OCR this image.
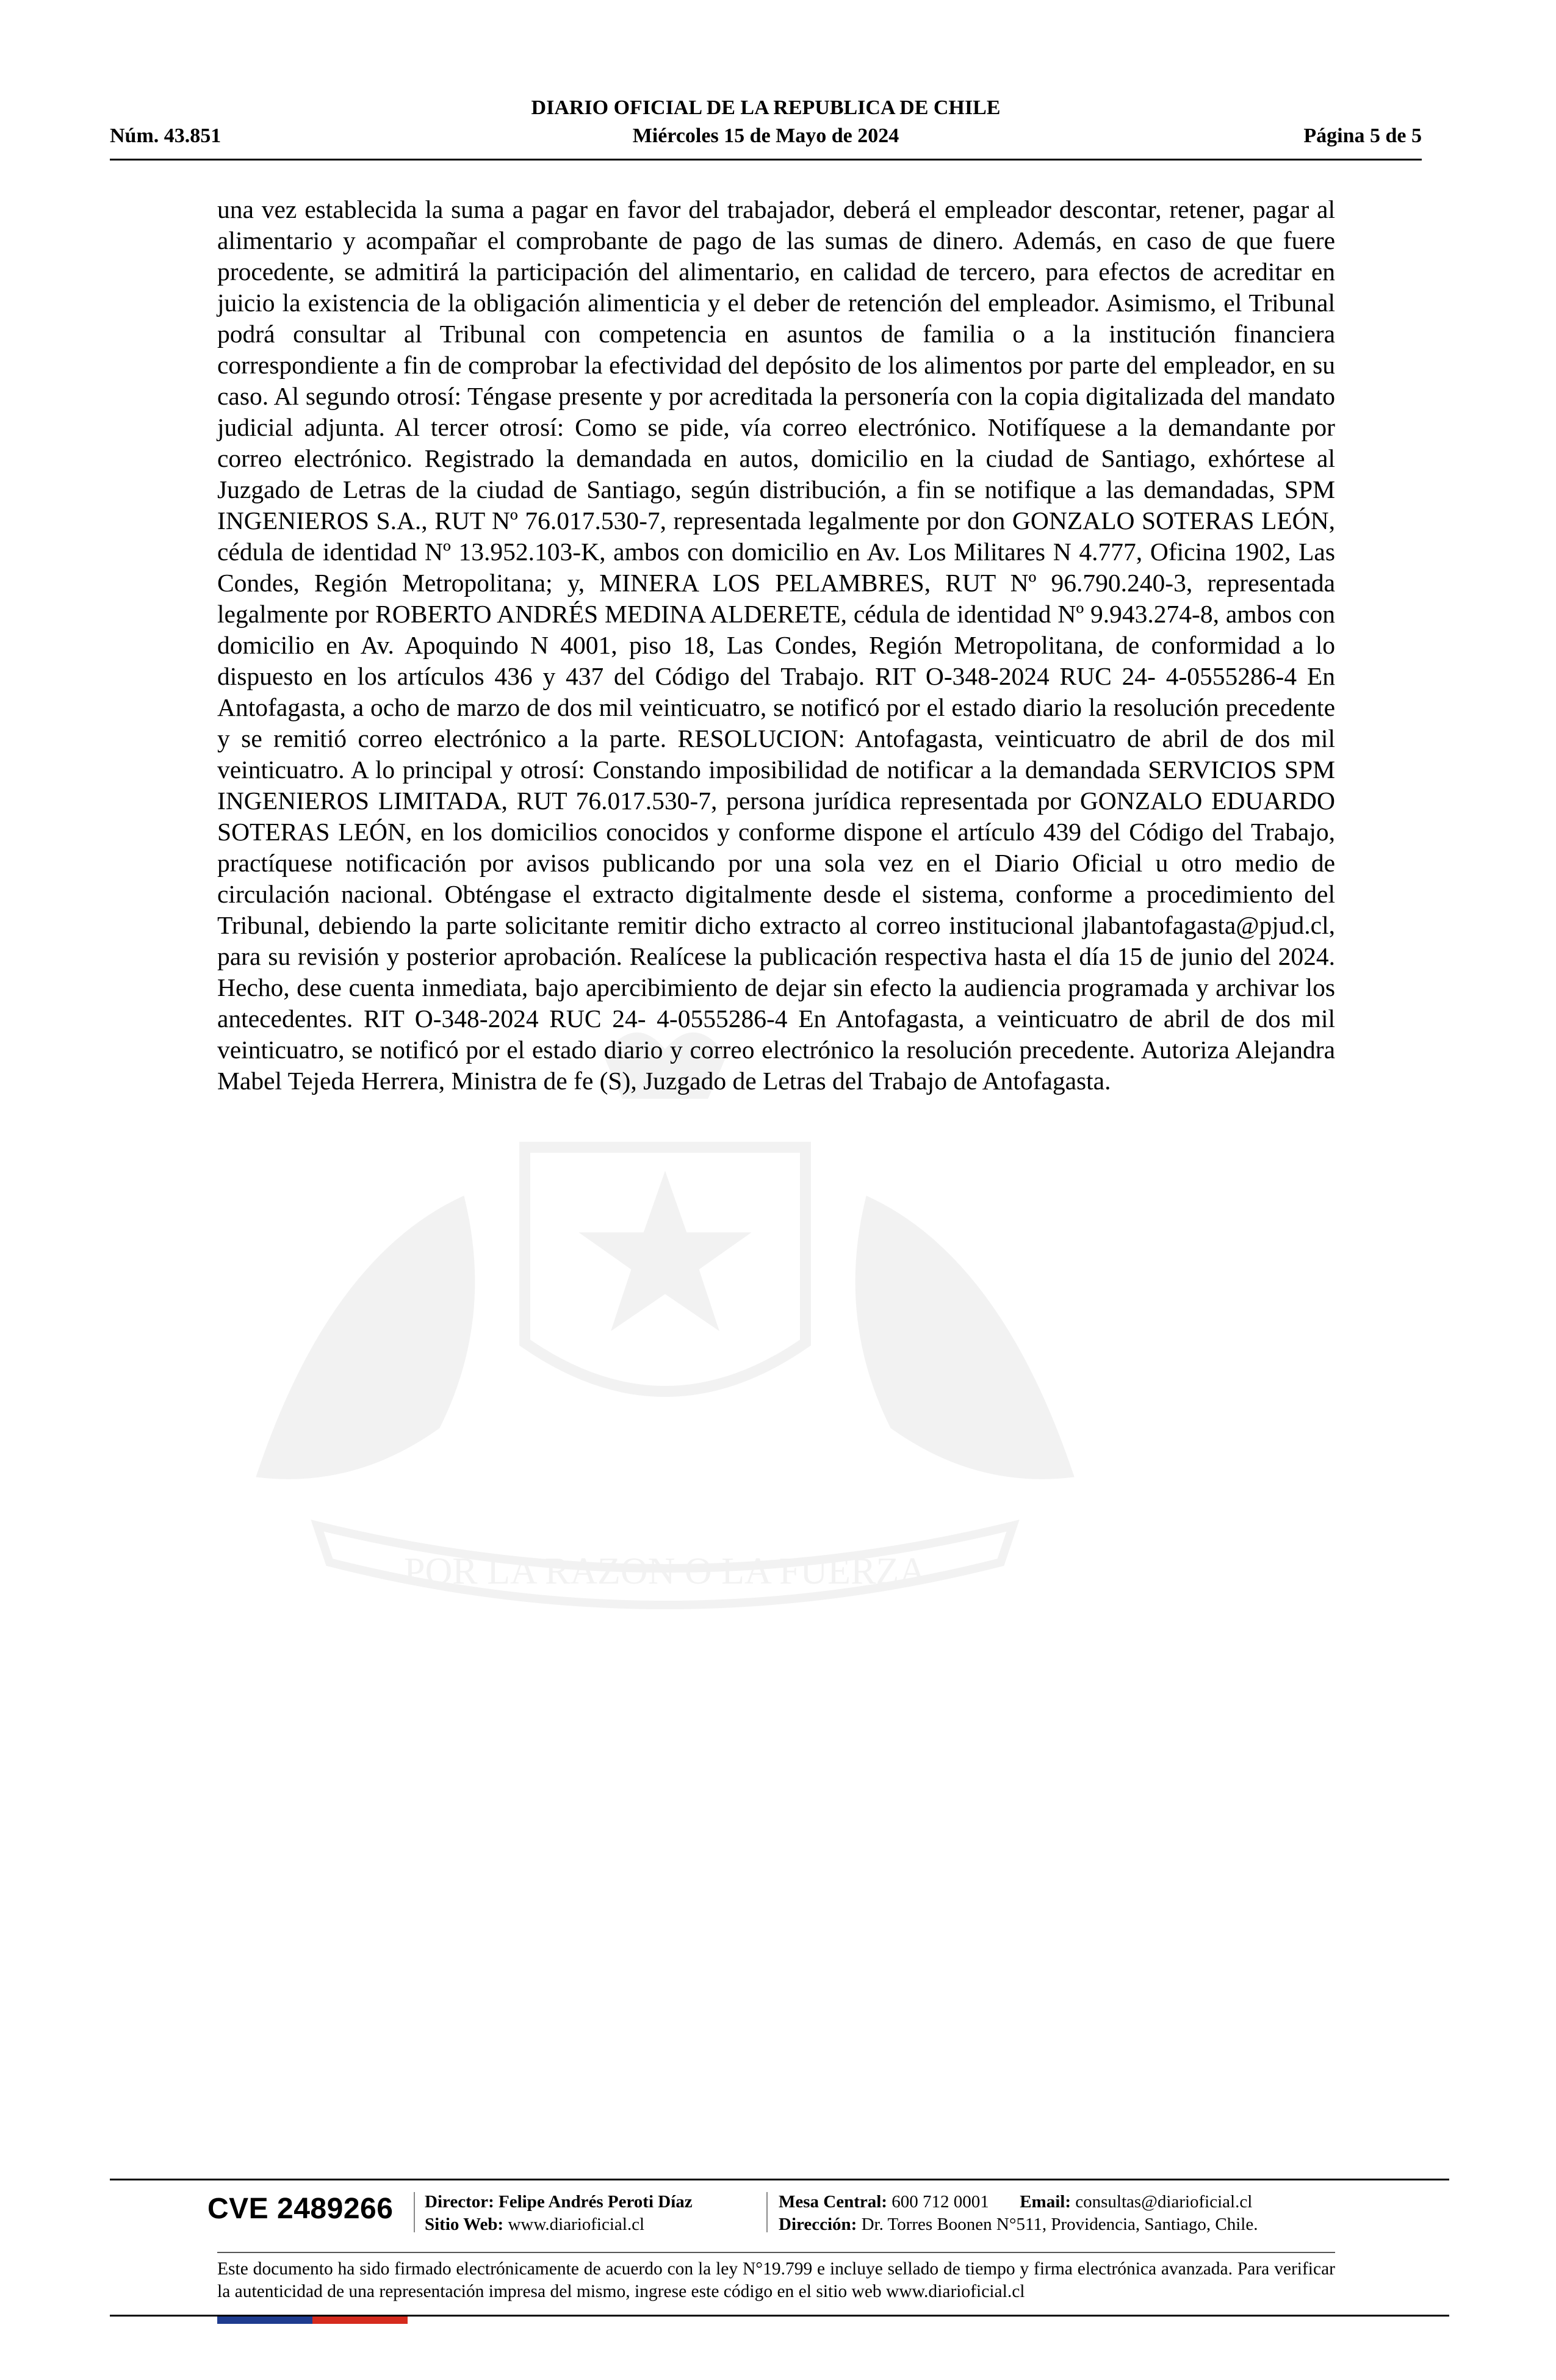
DIARIO OFICIAL DE LA REPUBLICA DE CHILE
Núm. 43.851	Miércoles 15 de Mayo de 2024	Página 5 de 5
POR LA RAZON O LA FUERZA

una vez establecida la suma a pagar en favor del trabajador, deberá el empleador descontar, retener, pagar al alimentario y acompañar el comprobante de pago de las sumas de dinero. Además, en caso de que fuere procedente, se admitirá la participación del alimentario, en calidad de tercero, para efectos de acreditar en juicio la existencia de la obligación alimenticia y el deber de retención del empleador. Asimismo, el Tribunal podrá consultar al Tribunal con competencia en asuntos de familia o a la institución financiera correspondiente a fin de comprobar la efectividad del depósito de los alimentos por parte del empleador, en su caso. Al segundo otrosí: Téngase presente y por acreditada la personería con la copia digitalizada del mandato judicial adjunta. Al tercer otrosí: Como se pide, vía correo electrónico. Notifíquese a la demandante por correo electrónico. Registrado la demandada en autos, domicilio en la ciudad de Santiago, exhórtese al Juzgado de Letras de la ciudad de Santiago, según distribución, a fin se notifique a las demandadas, SPM INGENIEROS S.A., RUT Nº 76.017.530-7, representada legalmente por don GONZALO SOTERAS LEÓN, cédula de identidad Nº 13.952.103-K, ambos con domicilio en Av. Los Militares N 4.777, Oficina 1902, Las Condes, Región Metropolitana; y, MINERA LOS PELAMBRES, RUT Nº 96.790.240-3, representada legalmente por ROBERTO ANDRÉS MEDINA ALDERETE, cédula de identidad Nº 9.943.274-8, ambos con domicilio en Av. Apoquindo N 4001, piso 18, Las Condes, Región Metropolitana, de conformidad a lo dispuesto en los artículos 436 y 437 del Código del Trabajo. RIT O-348-2024 RUC 24- 4-0555286-4 En Antofagasta, a ocho de marzo de dos mil veinticuatro, se notificó por el estado diario la resolución precedente y se remitió correo electrónico a la parte. RESOLUCION: Antofagasta, veinticuatro de abril de dos mil veinticuatro. A lo principal y otrosí: Constando imposibilidad de notificar a la demandada SERVICIOS SPM INGENIEROS LIMITADA, RUT 76.017.530-7, persona jurídica representada por GONZALO EDUARDO SOTERAS LEÓN, en los domicilios conocidos y conforme dispone el artículo 439 del Código del Trabajo, practíquese notificación por avisos publicando por una sola vez en el Diario Oficial u otro medio de circulación nacional. Obténgase el extracto digitalmente desde el sistema, conforme a procedimiento del Tribunal, debiendo la parte solicitante remitir dicho extracto al correo institucional jlabantofagasta@pjud.cl, para su revisión y posterior aprobación. Realícese la publicación respectiva hasta el día 15 de junio del 2024. Hecho, dese cuenta inmediata, bajo apercibimiento de dejar sin efecto la audiencia programada y archivar los antecedentes. RIT O-348-2024 RUC 24- 4-0555286-4 En Antofagasta, a veinticuatro de abril de dos mil veinticuatro, se notificó por el estado diario y correo electrónico la resolución precedente. Autoriza Alejandra Mabel Tejeda Herrera, Ministra de fe (S), Juzgado de Letras del Trabajo de Antofagasta.

CVE 2489266 Director: Felipe Andrés Peroti Díaz
Sitio Web: www.diarioficial.cl
Mesa Central: 600 712 0001 Email: consultas@diarioficial.cl
Dirección: Dr. Torres Boonen N°511, Providencia, Santiago, Chile.
Este documento ha sido firmado electrónicamente de acuerdo con la ley N°19.799 e incluye sellado de tiempo y firma electrónica avanzada. Para verificar la autenticidad de una representación impresa del mismo, ingrese este código en el sitio web www.diarioficial.cl
